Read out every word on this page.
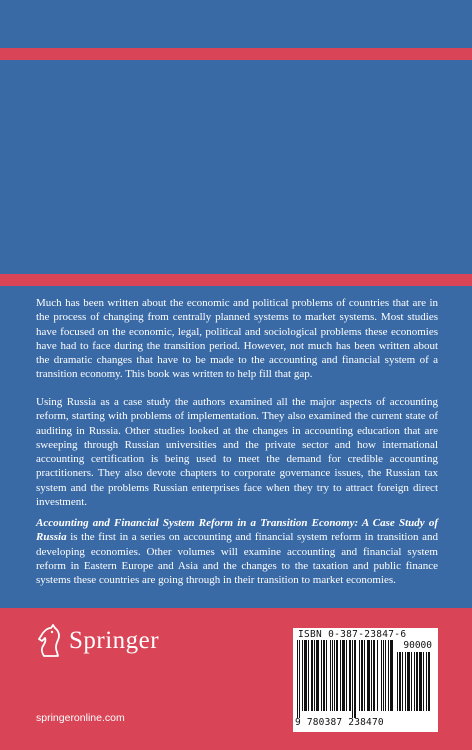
Much has been written about the economic and political problems of countries that are in the process of changing from centrally planned systems to market systems. Most studies have focused on the economic, legal, political and sociological problems these economies have had to face during the transition period. However, not much has been written about the dramatic changes that have to be made to the accounting and financial system of a transition economy. This book was written to help fill that gap.

Using Russia as a case study the authors examined all the major aspects of accounting reform, starting with problems of implementation. They also examined the current state of auditing in Russia. Other studies looked at the changes in accounting education that are sweeping through Russian universities and the private sector and how international accounting certification is being used to meet the demand for credible accounting practitioners. They also devote chapters to corporate governance issues, the Russian tax system and the problems Russian enterprises face when they try to attract foreign direct investment.

Accounting and Financial System Reform in a Transition Economy: A Case Study of Russia is the first in a series on accounting and financial system reform in transition and developing economies. Other volumes will examine accounting and financial system reform in Eastern Europe and Asia and the changes to the taxation and public finance systems these countries are going through in their transition to market economies.

Springer
springeronline.com
ISBN 0-387-23847-6
90000
9 780387 238470
